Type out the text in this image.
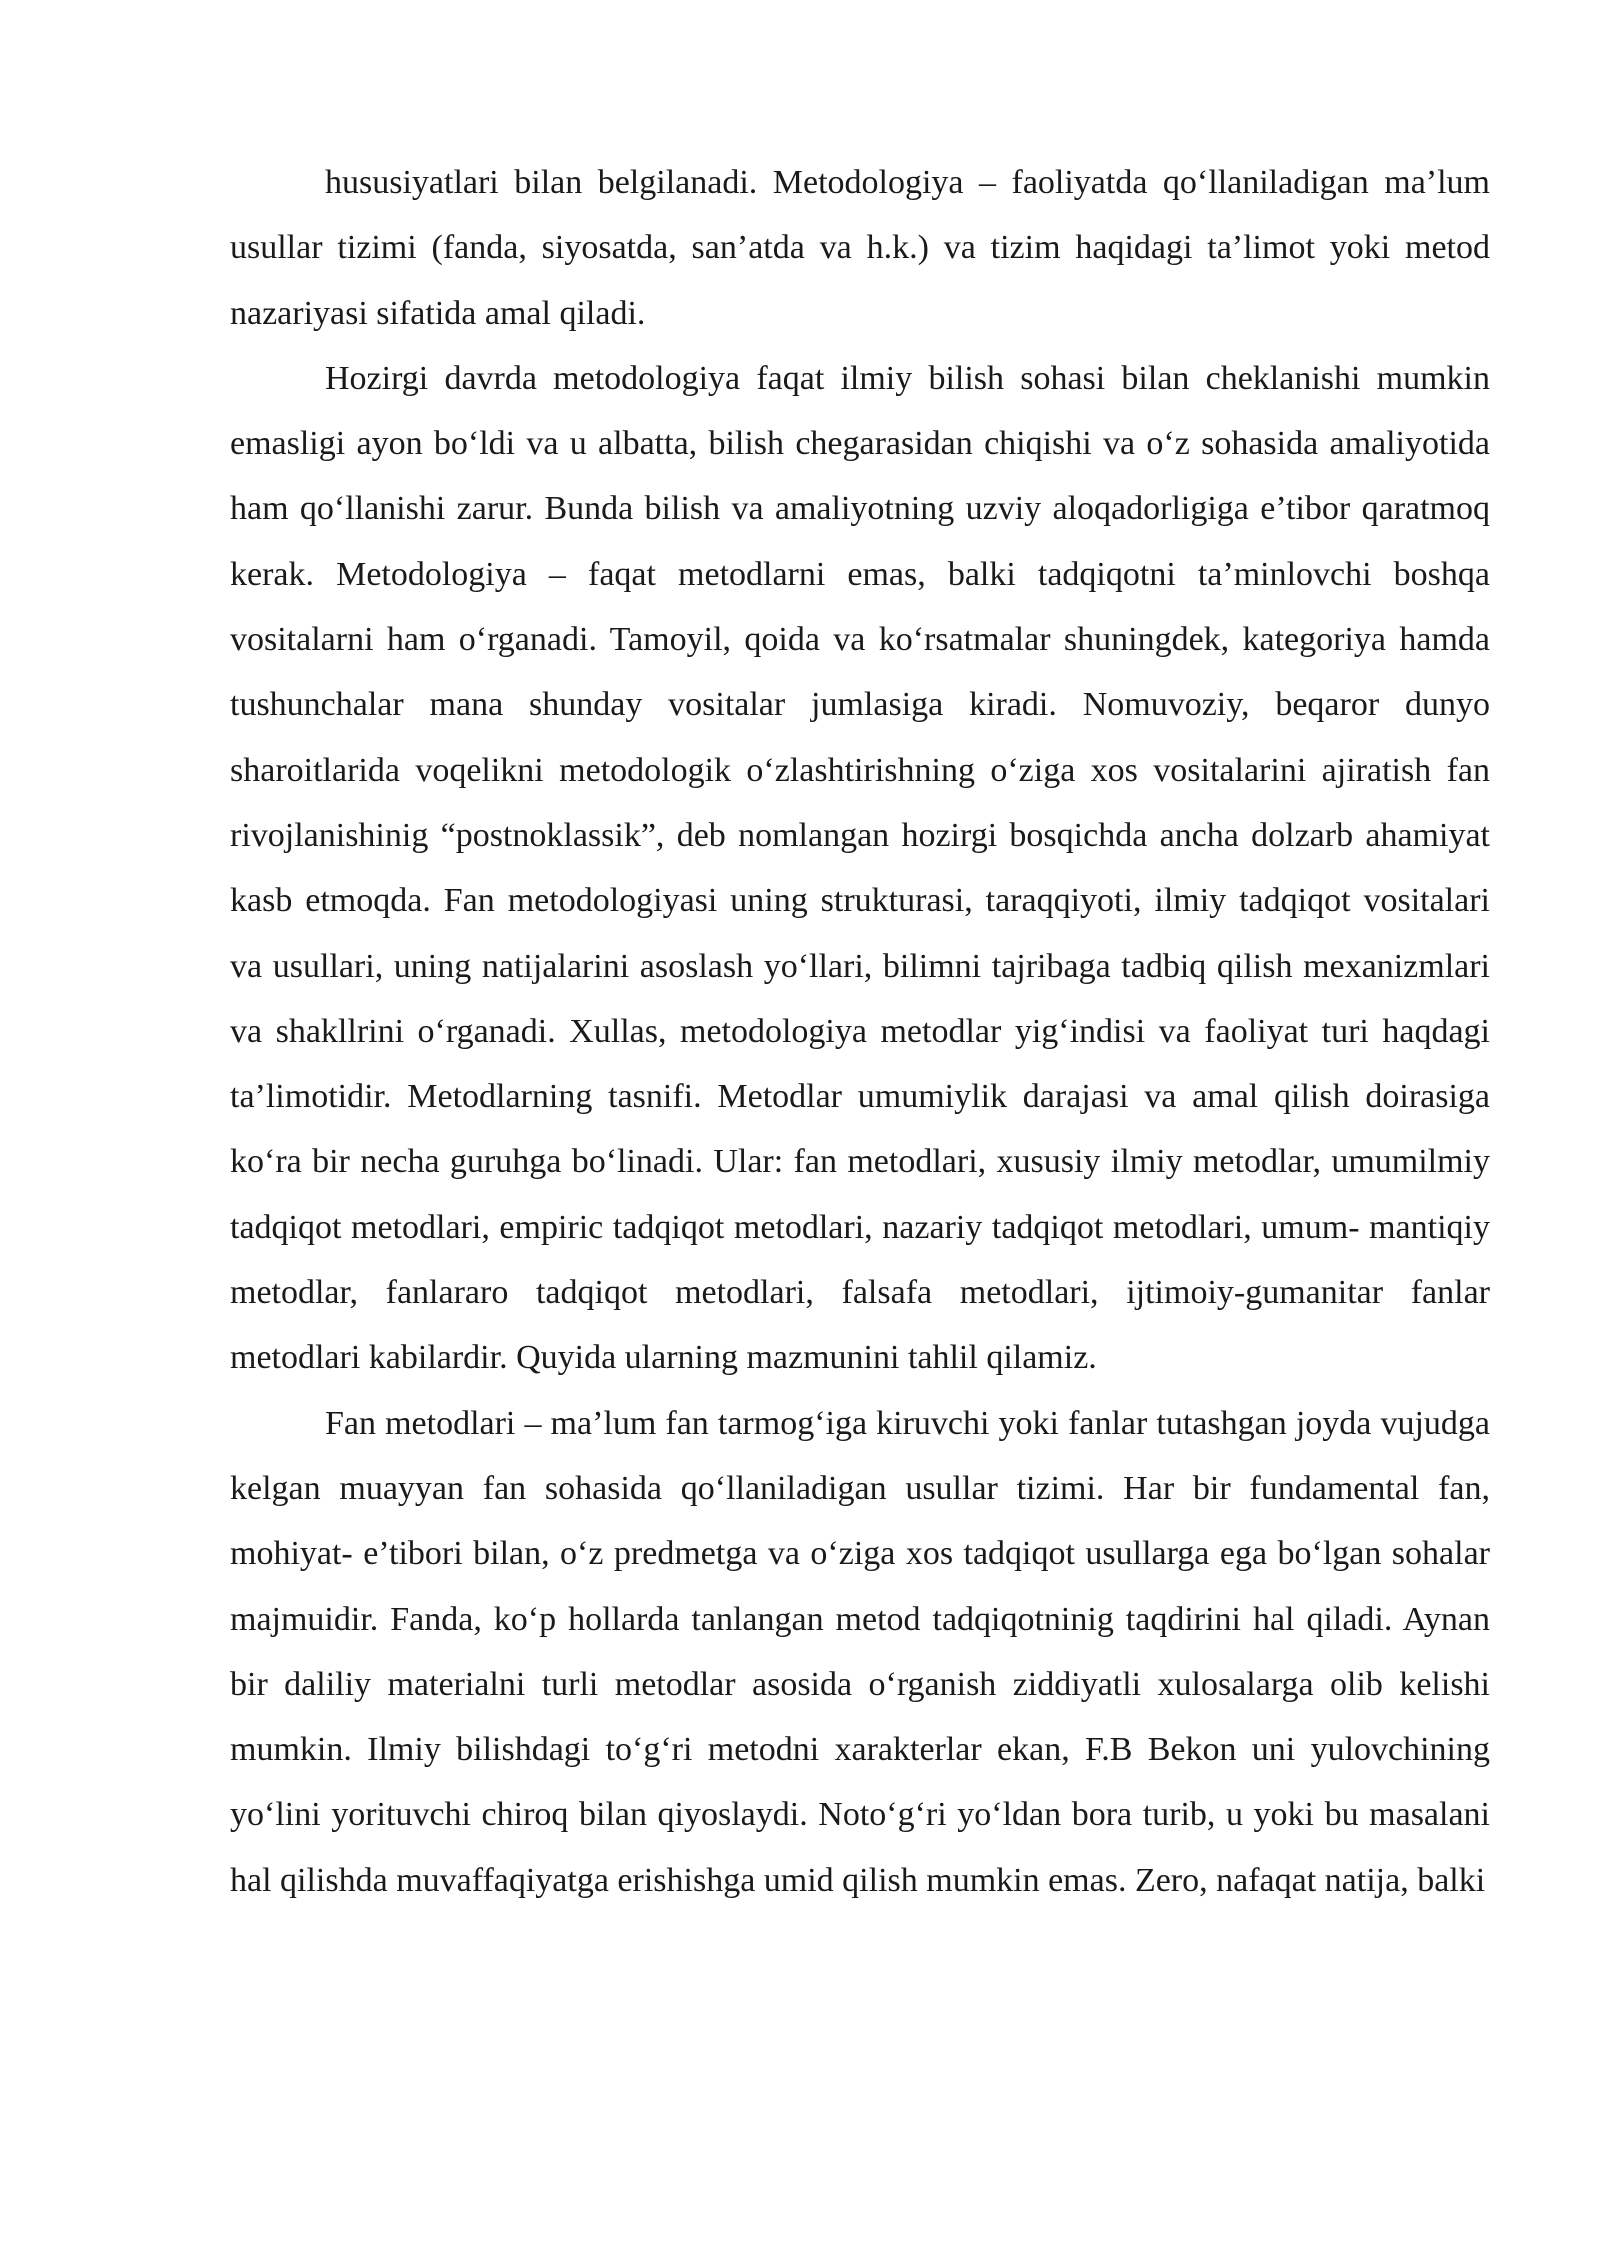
hususiyatlari bilan belgilanadi. Metodologiya – faoliyatda qo‘llaniladigan ma’lum usullar tizimi (fanda, siyosatda, san’atda va h.k.) va tizim haqidagi ta’limot yoki metod nazariyasi sifatida amal qiladi.

Hozirgi davrda metodologiya faqat ilmiy bilish sohasi bilan cheklanishi mumkin emasligi ayon bo‘ldi va u albatta, bilish chegarasidan chiqishi va o‘z sohasida amaliyotida ham qo‘llanishi zarur. Bunda bilish va amaliyotning uzviy aloqadorligiga e’tibor qaratmoq kerak. Metodologiya – faqat metodlarni emas, balki tadqiqotni ta’minlovchi boshqa vositalarni ham o‘rganadi. Tamoyil, qoida va ko‘rsatmalar shuningdek, kategoriya hamda tushunchalar mana shunday vositalar jumlasiga kiradi. Nomuvoziy, beqaror dunyo sharoitlarida voqelikni metodologik o‘zlashtirishning o‘ziga xos vositalarini ajiratish fan rivojlanishinig “postnoklassik”, deb nomlangan hozirgi bosqichda ancha dolzarb ahamiyat kasb etmoqda. Fan metodologiyasi uning strukturasi, taraqqiyoti, ilmiy tadqiqot vositalari va usullari, uning natijalarini asoslash yo‘llari, bilimni tajribaga tadbiq qilish mexanizmlari va shakllrini o‘rganadi. Xullas, metodologiya metodlar yig‘indisi va faoliyat turi haqdagi ta’limotidir. Metodlarning tasnifi. Metodlar umumiylik darajasi va amal qilish doirasiga ko‘ra bir necha guruhga bo‘linadi. Ular: fan metodlari, xususiy ilmiy metodlar, umumilmiy tadqiqot metodlari, empiric tadqiqot metodlari, nazariy tadqiqot metodlari, umum- mantiqiy metodlar, fanlararo tadqiqot metodlari, falsafa metodlari, ijtimoiy-gumanitar fanlar metodlari kabilardir. Quyida ularning mazmunini tahlil qilamiz.

Fan metodlari – ma’lum fan tarmog‘iga kiruvchi yoki fanlar tutashgan joyda vujudga kelgan muayyan fan sohasida qo‘llaniladigan usullar tizimi. Har bir fundamental fan, mohiyat- e’tibori bilan, o‘z predmetga va o‘ziga xos tadqiqot usullarga ega bo‘lgan sohalar majmuidir. Fanda, ko‘p hollarda tanlangan metod tadqiqotninig taqdirini hal qiladi. Aynan bir daliliy materialni turli metodlar asosida o‘rganish ziddiyatli xulosalarga olib kelishi mumkin. Ilmiy bilishdagi to‘g‘ri metodni xarakterlar ekan, F.B Bekon uni yulovchining yo‘lini yorituvchi chiroq bilan qiyoslaydi. Noto‘g‘ri yo‘ldan bora turib, u yoki bu masalani hal qilishda muvaffaqiyatga erishishga umid qilish mumkin emas. Zero, nafaqat natija, balki
